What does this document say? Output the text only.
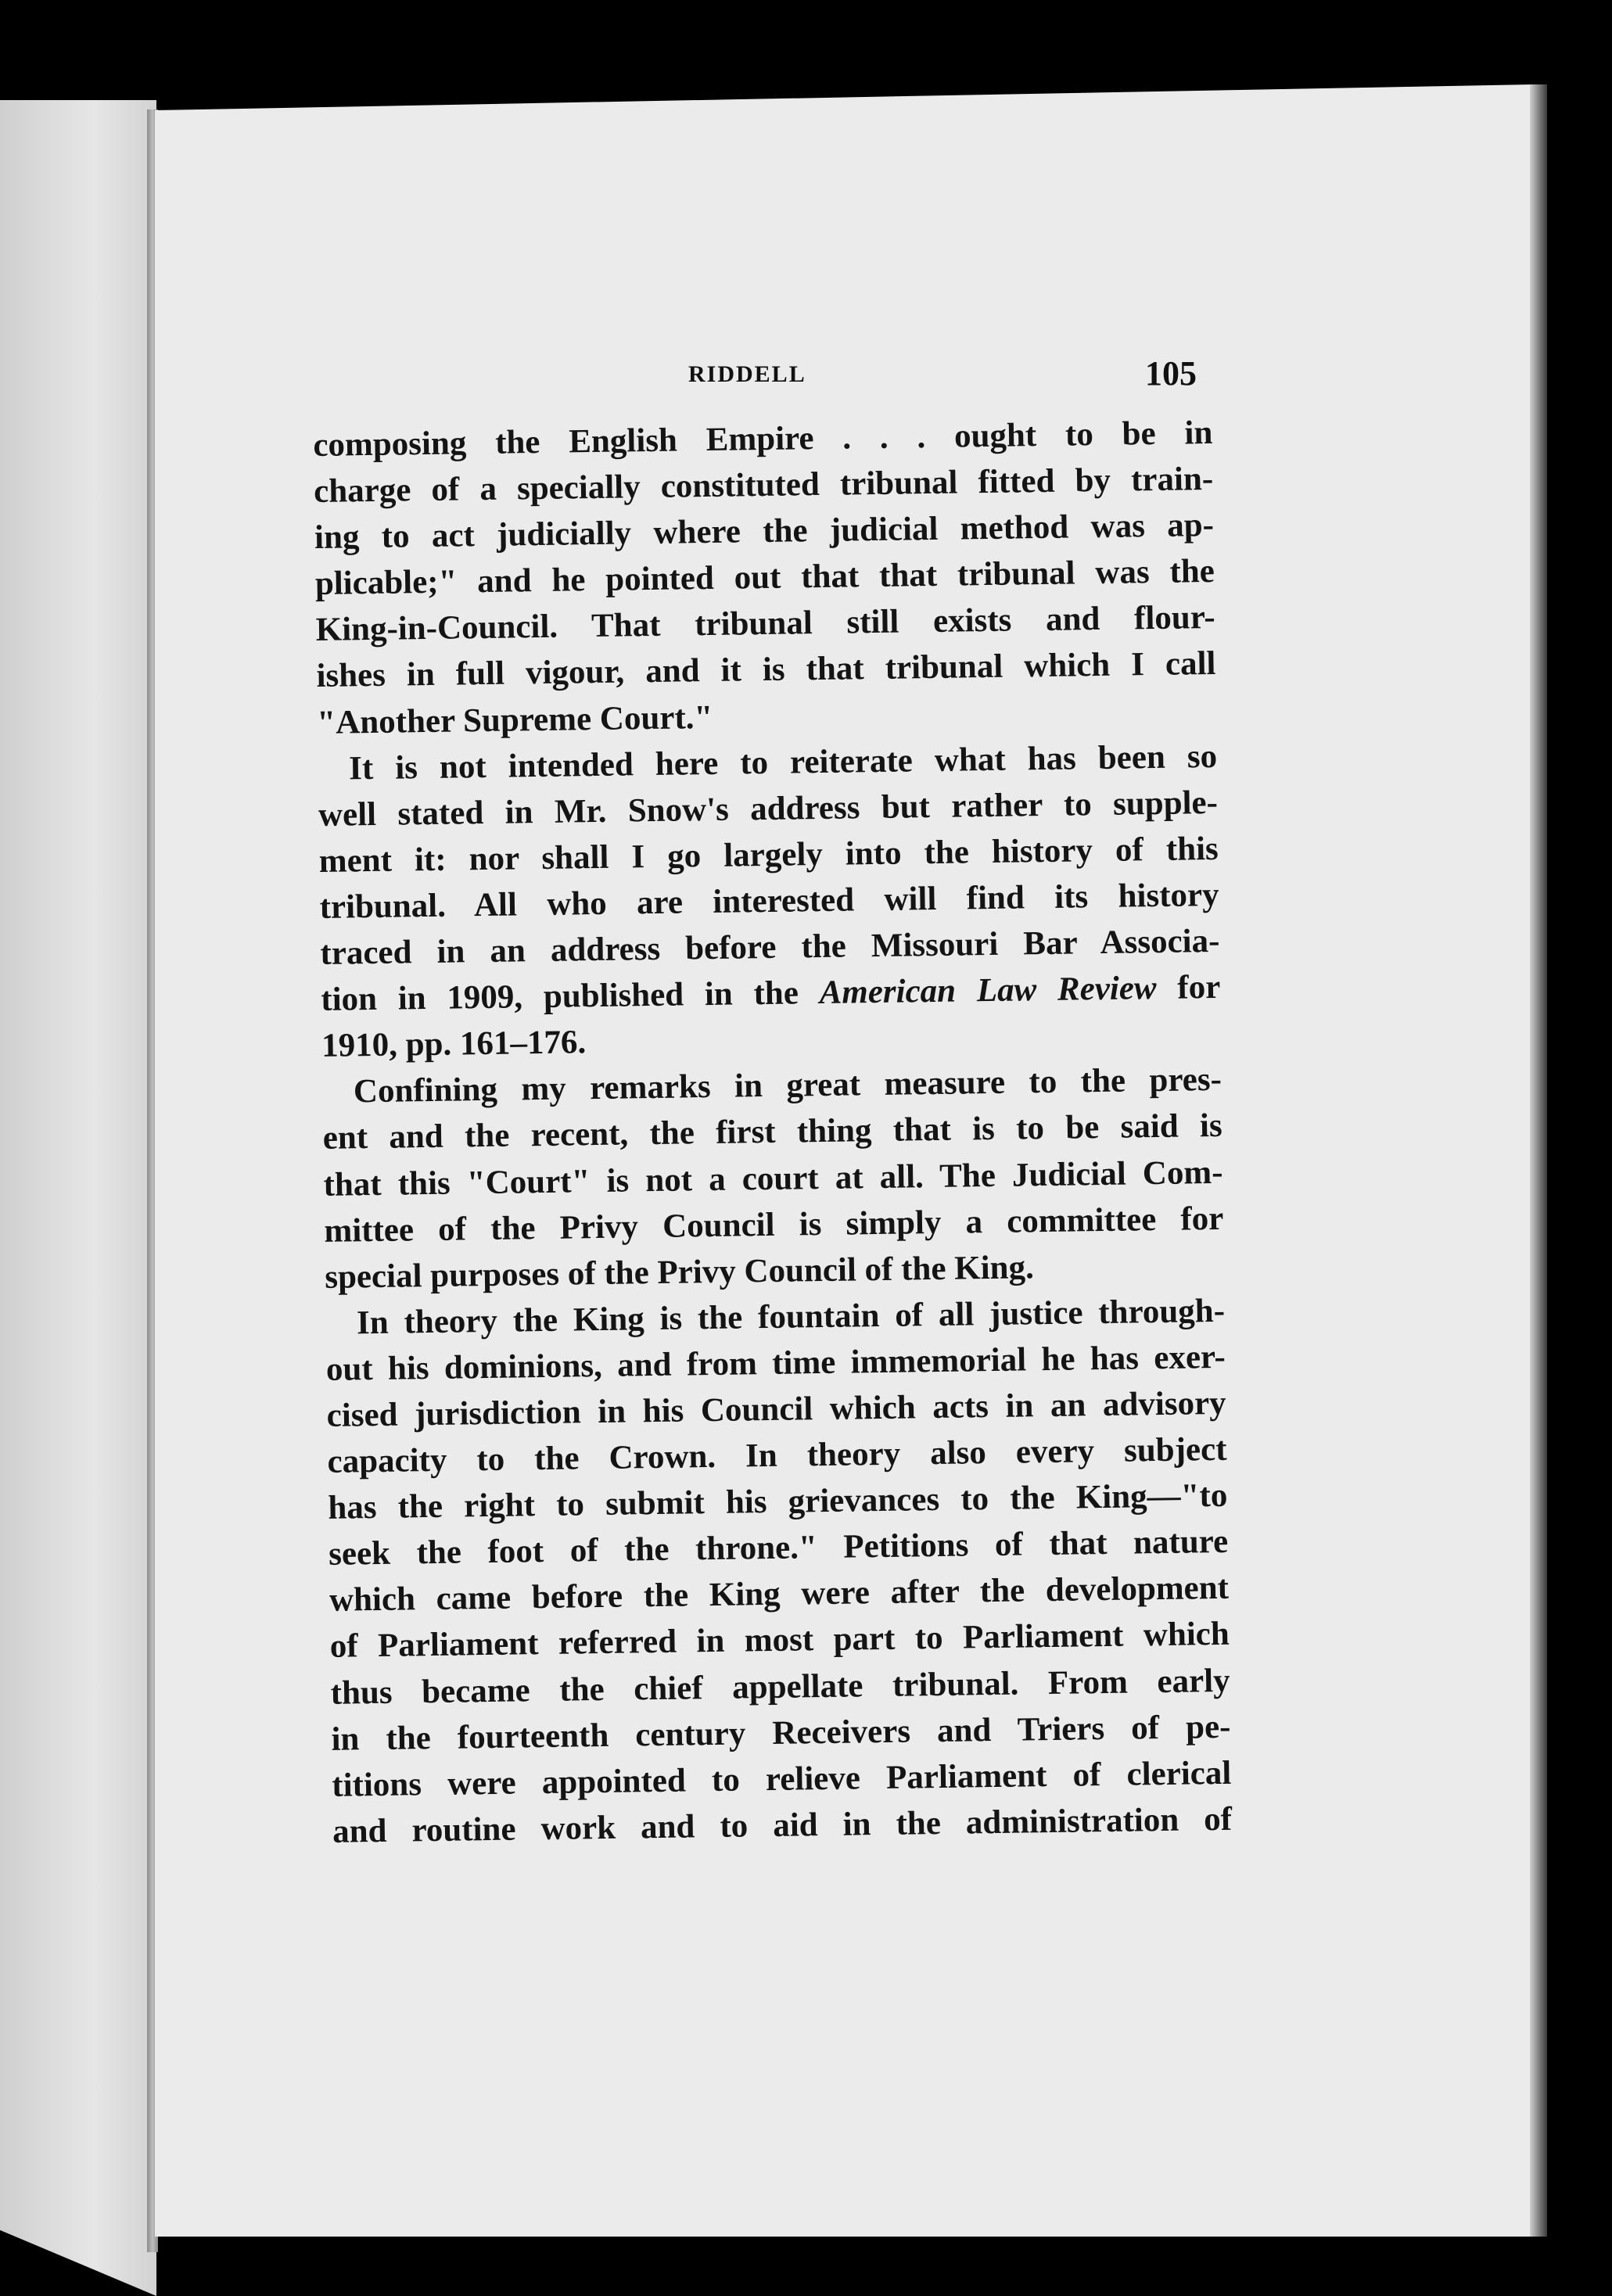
RIDDELL	105
composing the English Empire . . . ought to be in
charge of a specially constituted tribunal fitted by train-
ing to act judicially where the judicial method was ap-
plicable;" and he pointed out that that tribunal was the
King-in-Council. That tribunal still exists and flour-
ishes in full vigour, and it is that tribunal which I call
"Another Supreme Court."
It is not intended here to reiterate what has been so
well stated in Mr. Snow's address but rather to supple-
ment it: nor shall I go largely into the history of this
tribunal. All who are interested will find its history
traced in an address before the Missouri Bar Associa-
tion in 1909, published in the American Law Review for
1910, pp. 161–176.
Confining my remarks in great measure to the pres-
ent and the recent, the first thing that is to be said is
that this "Court" is not a court at all. The Judicial Com-
mittee of the Privy Council is simply a committee for
special purposes of the Privy Council of the King.
In theory the King is the fountain of all justice through-
out his dominions, and from time immemorial he has exer-
cised jurisdiction in his Council which acts in an advisory
capacity to the Crown. In theory also every subject
has the right to submit his grievances to the King—"to
seek the foot of the throne." Petitions of that nature
which came before the King were after the development
of Parliament referred in most part to Parliament which
thus became the chief appellate tribunal. From early
in the fourteenth century Receivers and Triers of pe-
titions were appointed to relieve Parliament of clerical
and routine work and to aid in the administration of
